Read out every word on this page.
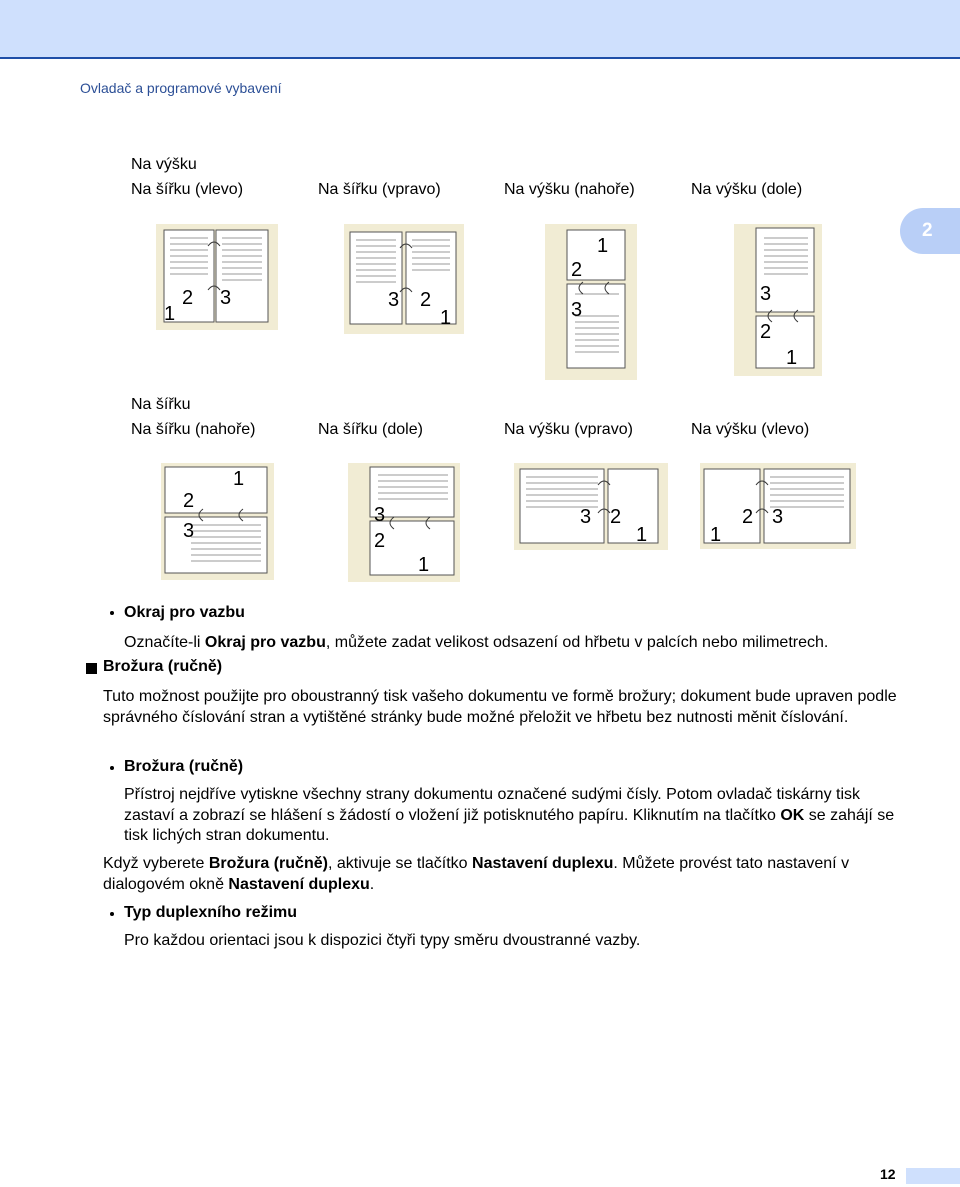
Ovladač a programové vybavení
2
Na výšku
Na šířku (vlevo)	Na šířku (vpravo)	Na výšku (nahoře)	Na výšku (dole)
2 3
1
3 2
1
1
2
3
3
2
1
Na šířku
Na šířku (nahoře)	Na šířku (dole)	Na výšku (vpravo)	Na výšku (vlevo)
1
2
3
3
2
1
3 2
1
2 3
1
Okraj pro vazbu
Označíte-li Okraj pro vazbu, můžete zadat velikost odsazení od hřbetu v palcích nebo milimetrech.
Brožura (ručně)
Tuto možnost použijte pro oboustranný tisk vašeho dokumentu ve formě brožury; dokument bude upraven podle správného číslování stran a vytištěné stránky bude možné přeložit ve hřbetu bez nutnosti měnit číslování.
Brožura (ručně)
Přístroj nejdříve vytiskne všechny strany dokumentu označené sudými čísly. Potom ovladač tiskárny tisk zastaví a zobrazí se hlášení s žádostí o vložení již potisknutého papíru. Kliknutím na tlačítko OK se zahájí se tisk lichých stran dokumentu.
Když vyberete Brožura (ručně), aktivuje se tlačítko Nastavení duplexu. Můžete provést tato nastavení v dialogovém okně Nastavení duplexu.
Typ duplexního režimu
Pro každou orientaci jsou k dispozici čtyři typy směru dvoustranné vazby.
12
